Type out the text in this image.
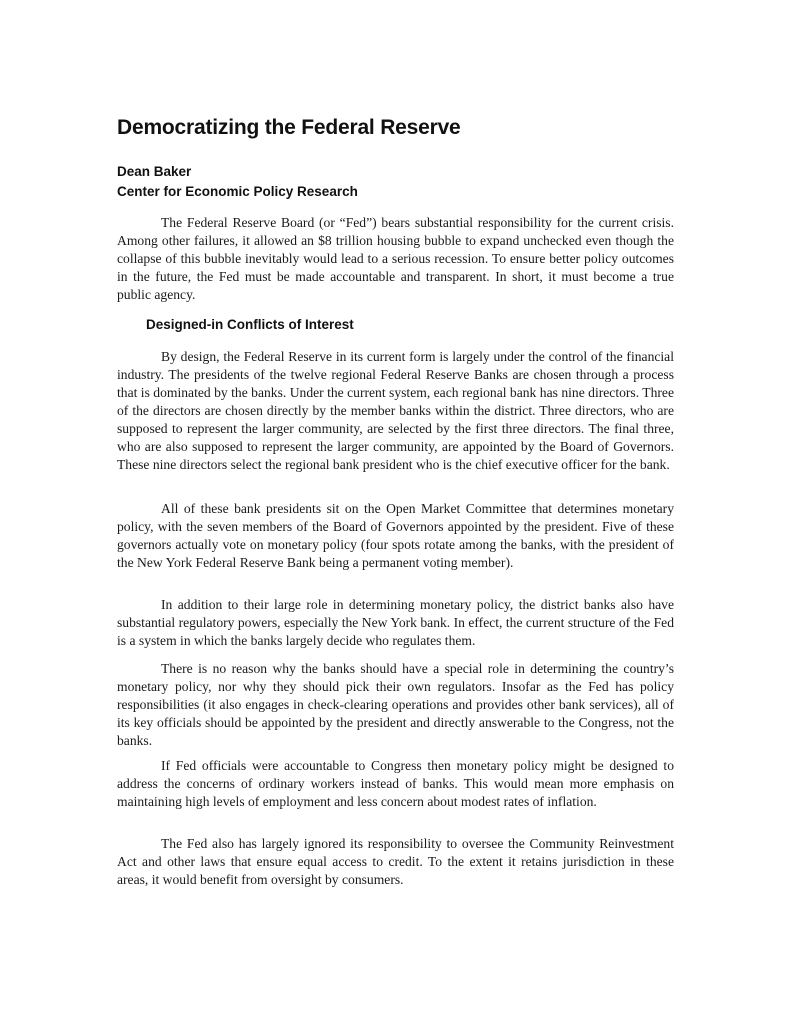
Democratizing the Federal Reserve
Dean Baker
Center for Economic Policy Research

The Federal Reserve Board (or “Fed”) bears substantial responsibility for the current crisis. Among other failures, it allowed an $8 trillion housing bubble to expand unchecked even though the collapse of this bubble inevitably would lead to a serious recession. To ensure better policy outcomes in the future, the Fed must be made accountable and transparent. In short, it must become a true public agency.

Designed-in Conflicts of Interest

By design, the Federal Reserve in its current form is largely under the control of the financial industry. The presidents of the twelve regional Federal Reserve Banks are chosen through a process that is dominated by the banks. Under the current system, each regional bank has nine directors. Three of the directors are chosen directly by the member banks within the district. Three directors, who are supposed to represent the larger community, are selected by the first three directors. The final three, who are also supposed to represent the larger community, are appointed by the Board of Governors. These nine directors select the regional bank president who is the chief executive officer for the bank.

All of these bank presidents sit on the Open Market Committee that determines monetary policy, with the seven members of the Board of Governors appointed by the president. Five of these governors actually vote on monetary policy (four spots rotate among the banks, with the president of the New York Federal Reserve Bank being a permanent voting member).

In addition to their large role in determining monetary policy, the district banks also have substantial regulatory powers, especially the New York bank. In effect, the current structure of the Fed is a system in which the banks largely decide who regulates them.

There is no reason why the banks should have a special role in determining the country’s monetary policy, nor why they should pick their own regulators. Insofar as the Fed has policy responsibilities (it also engages in check-clearing operations and provides other bank services), all of its key officials should be appointed by the president and directly answerable to the Congress, not the banks.

If Fed officials were accountable to Congress then monetary policy might be designed to address the concerns of ordinary workers instead of banks. This would mean more emphasis on maintaining high levels of employment and less concern about modest rates of inflation.

The Fed also has largely ignored its responsibility to oversee the Community Reinvestment Act and other laws that ensure equal access to credit. To the extent it retains jurisdiction in these areas, it would benefit from oversight by consumers.
